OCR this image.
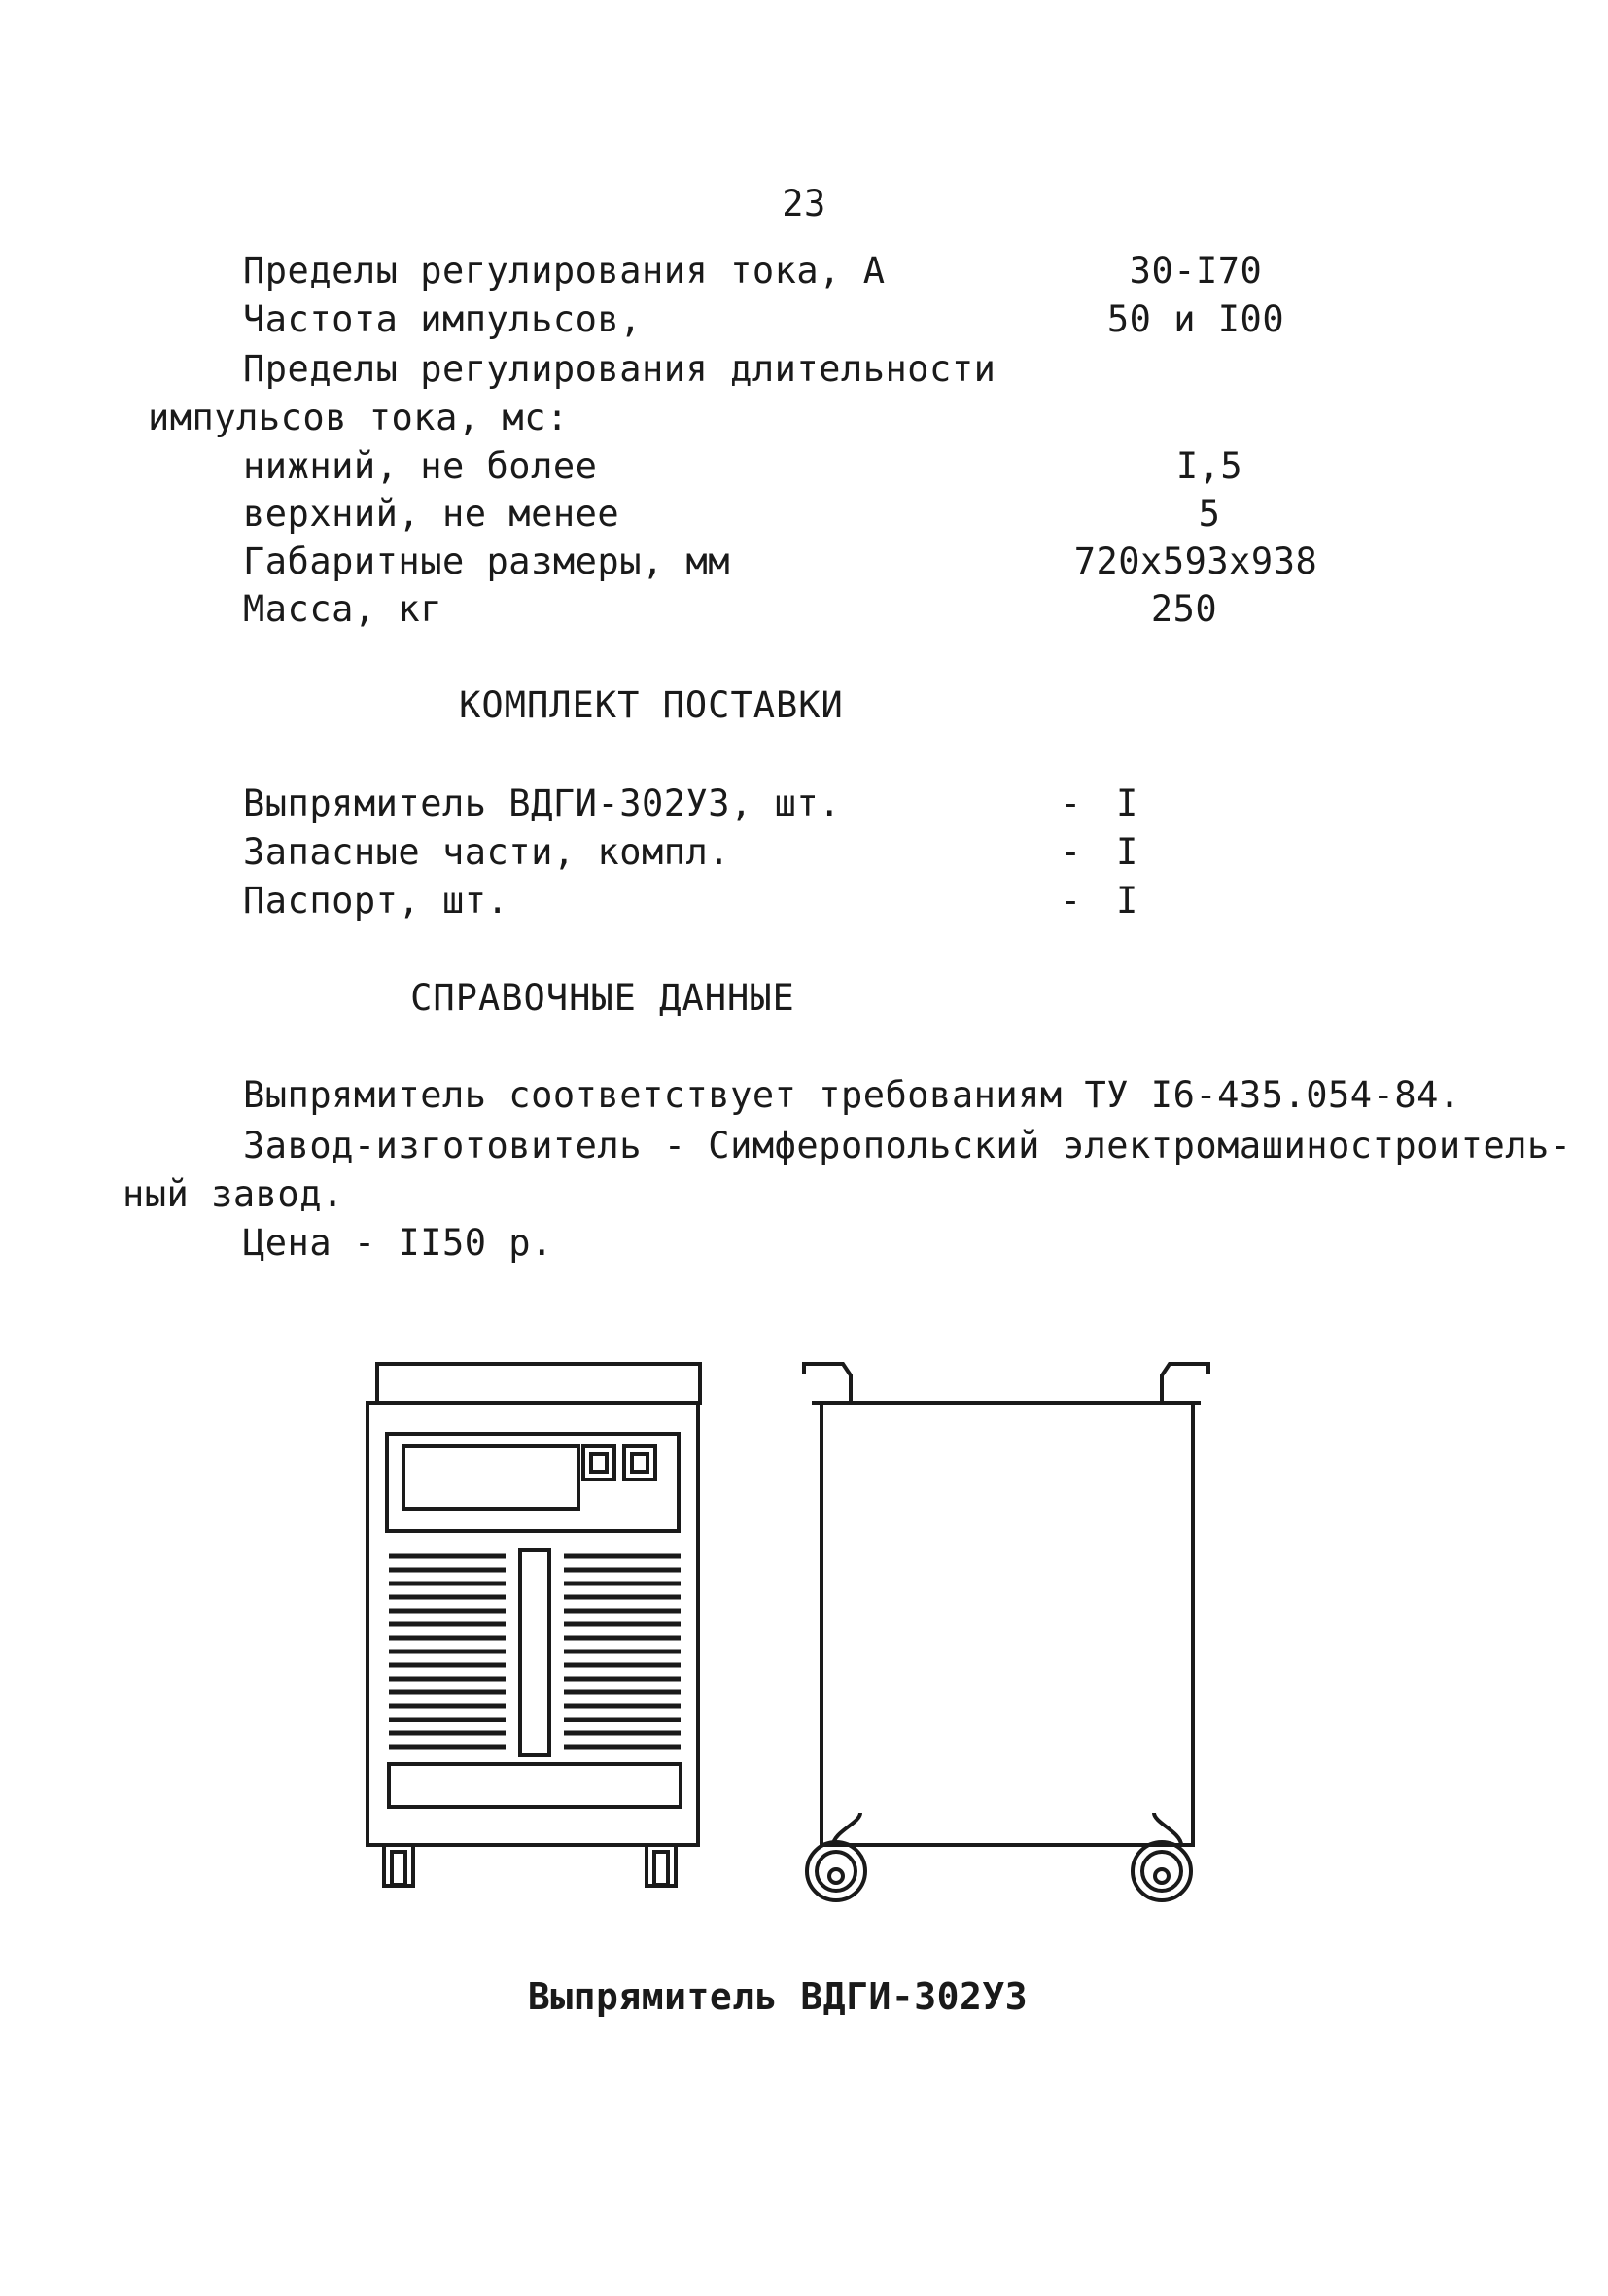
23
Пределы регулирования тока, А	30-I70
Частота импульсов,	50 и I00
Пределы регулирования длительности
импульсов тока, мс:
нижний, не более	I,5
верхний, не менее	5
Габаритные размеры, мм	720x593x938
Масса, кг	250
КОМПЛЕКТ ПОСТАВКИ
Выпрямитель ВДГИ-302УЗ, шт.	- I
Запасные части, компл.	- I
Паспорт, шт.	- I
СПРАВОЧНЫЕ ДАННЫЕ
Выпрямитель соответствует требованиям ТУ I6-435.054-84.
Завод-изготовитель - Симферопольский электромашиностроитель-
ный завод.
Цена - II50 р.
Выпрямитель ВДГИ-302УЗ
